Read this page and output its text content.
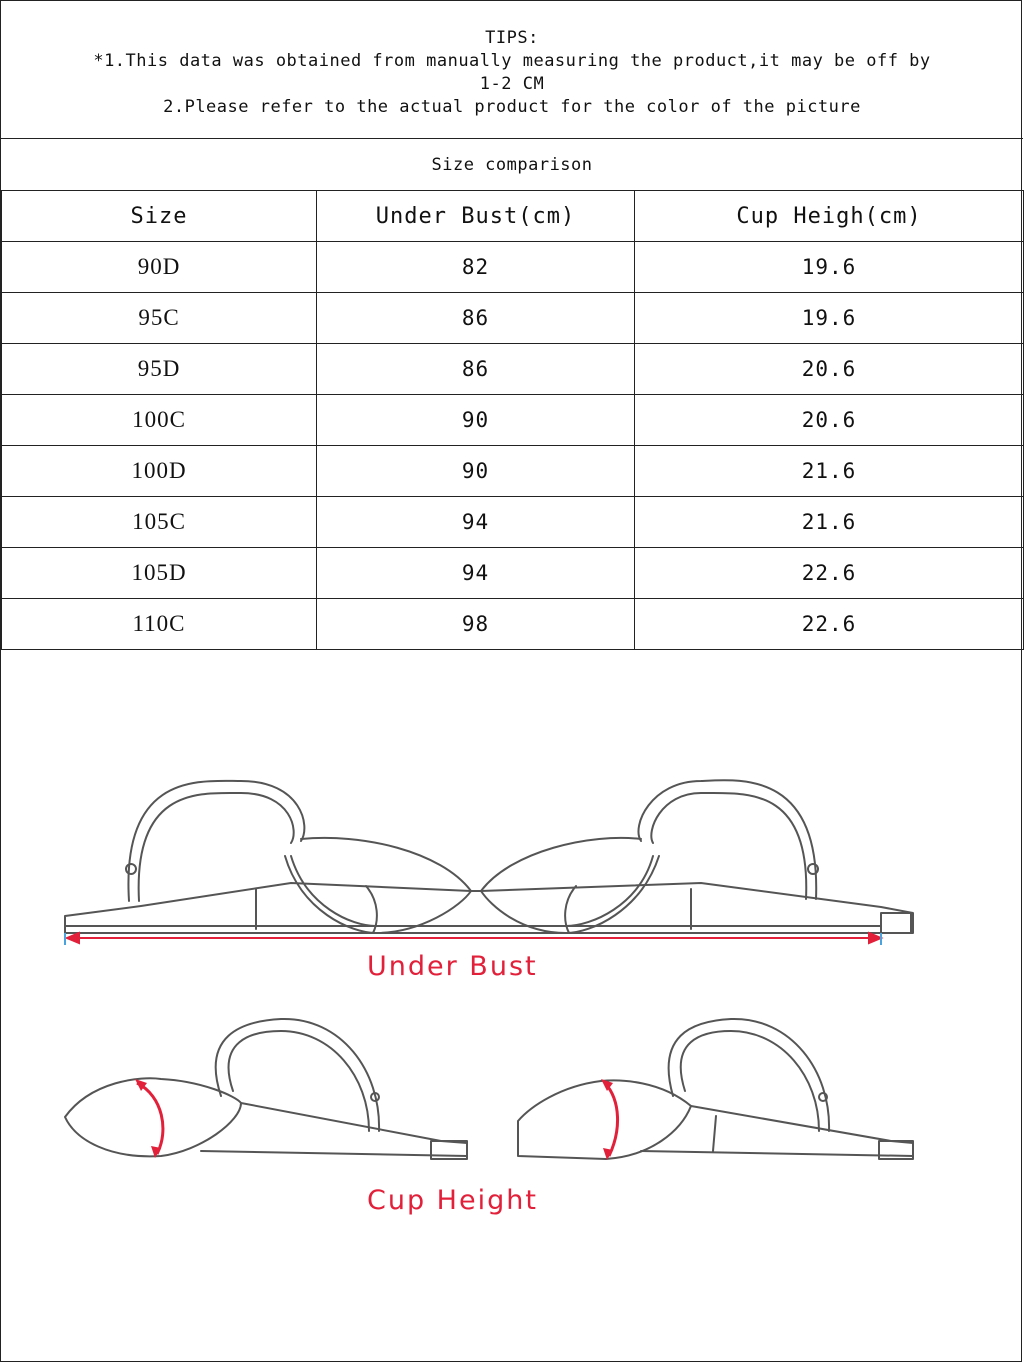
TIPS:
*1.This data was obtained from manually measuring the product,it may be off by
1-2 CM
2.Please refer to the actual product for the color of the picture
Size comparison
Size	Under Bust(cm)	Cup Heigh(cm)
90D	82	19.6
95C	86	19.6
95D	86	20.6
100C	90	20.6
100D	90	21.6
105C	94	21.6
105D	94	22.6
110C	98	22.6
Under Bust
Cup Height
